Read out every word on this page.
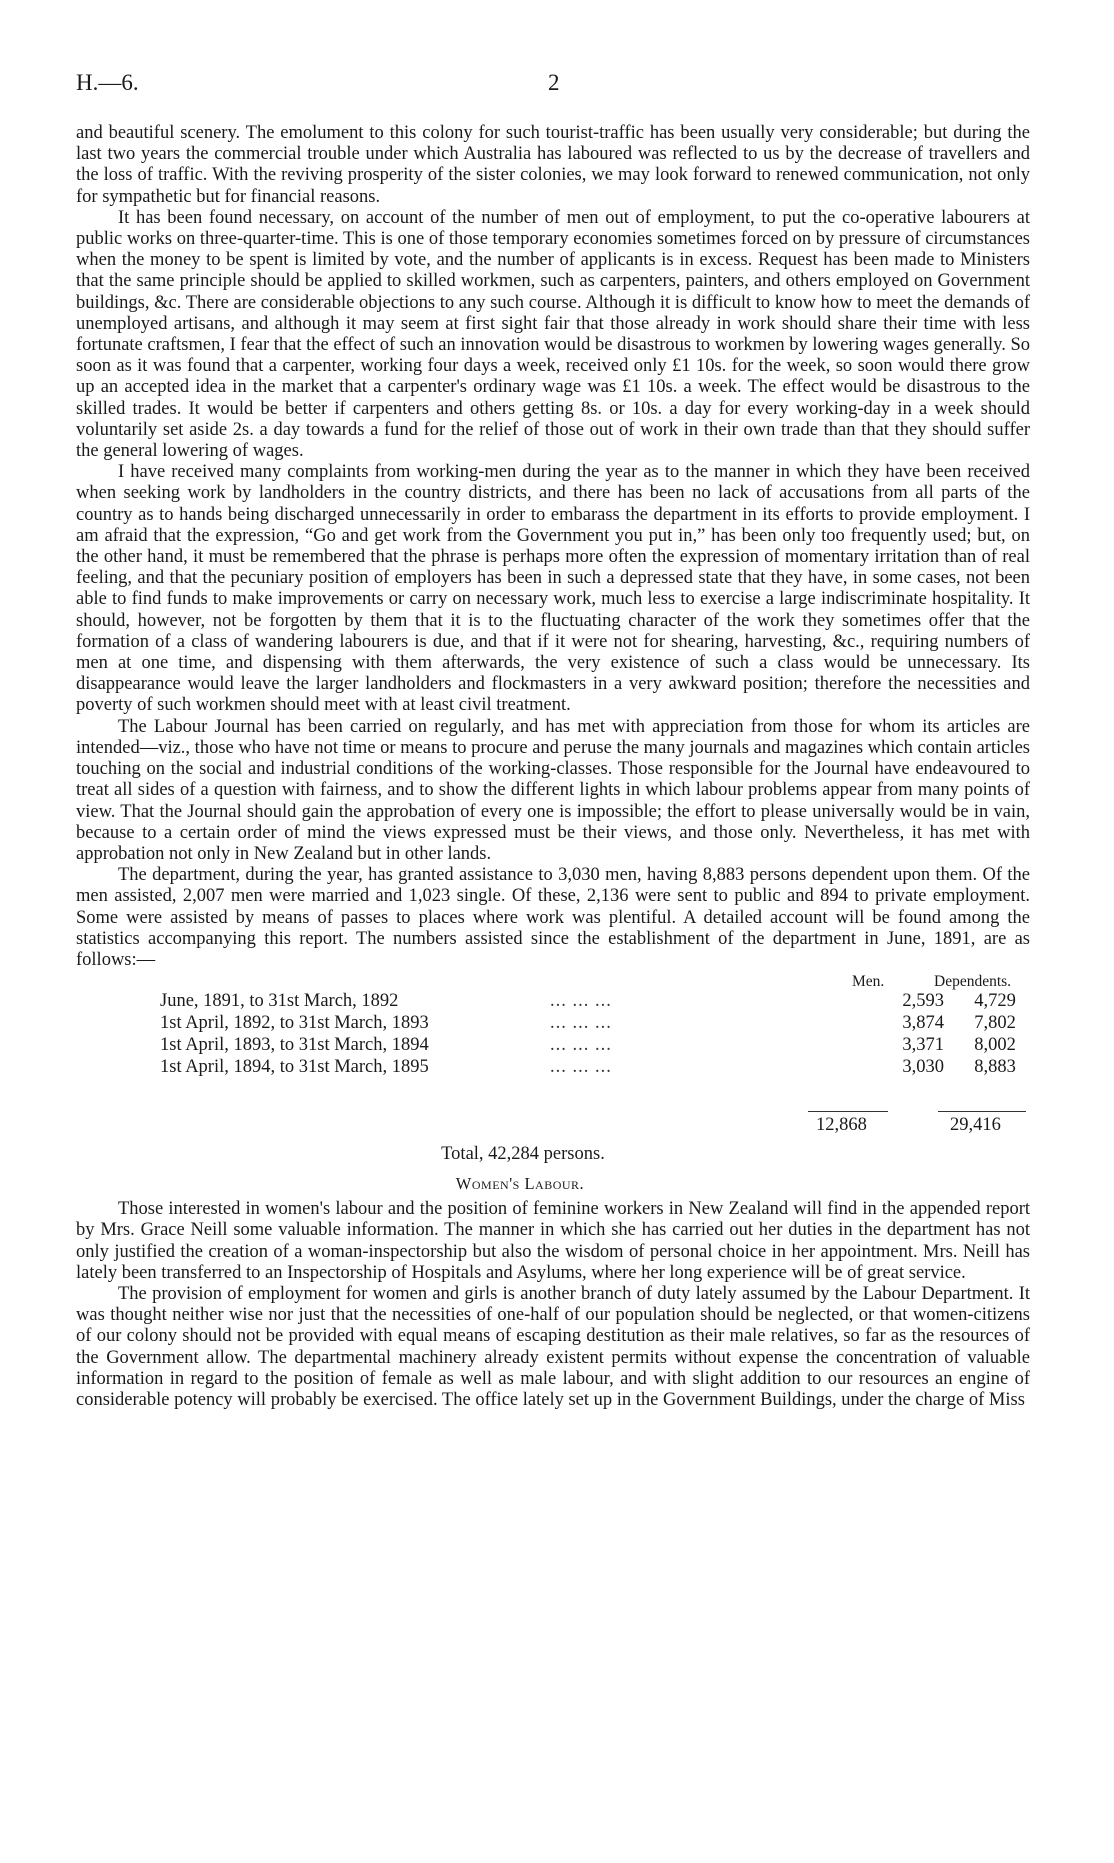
H.—6.	2

and beautiful scenery. The emolument to this colony for such tourist-traffic has been usually very considerable; but during the last two years the commercial trouble under which Australia has laboured was reflected to us by the decrease of travellers and the loss of traffic. With the reviving prosperity of the sister colonies, we may look forward to renewed communication, not only for sympathetic but for financial reasons.

It has been found necessary, on account of the number of men out of employment, to put the co-operative labourers at public works on three-quarter-time. This is one of those temporary economies sometimes forced on by pressure of circumstances when the money to be spent is limited by vote, and the number of applicants is in excess. Request has been made to Ministers that the same principle should be applied to skilled workmen, such as carpenters, painters, and others employed on Government buildings, &c. There are considerable objections to any such course. Although it is difficult to know how to meet the demands of unemployed artisans, and although it may seem at first sight fair that those already in work should share their time with less fortunate craftsmen, I fear that the effect of such an innovation would be disastrous to workmen by lowering wages generally. So soon as it was found that a carpenter, working four days a week, received only £1 10s. for the week, so soon would there grow up an accepted idea in the market that a carpenter's ordinary wage was £1 10s. a week. The effect would be disastrous to the skilled trades. It would be better if carpenters and others getting 8s. or 10s. a day for every working-day in a week should voluntarily set aside 2s. a day towards a fund for the relief of those out of work in their own trade than that they should suffer the general lowering of wages.

I have received many complaints from working-men during the year as to the manner in which they have been received when seeking work by landholders in the country districts, and there has been no lack of accusations from all parts of the country as to hands being discharged unnecessarily in order to embarass the department in its efforts to provide employment. I am afraid that the expression, “Go and get work from the Government you put in,” has been only too frequently used; but, on the other hand, it must be remembered that the phrase is perhaps more often the expression of momentary irritation than of real feeling, and that the pecuniary position of employers has been in such a depressed state that they have, in some cases, not been able to find funds to make improvements or carry on necessary work, much less to exercise a large indiscriminate hospitality. It should, however, not be forgotten by them that it is to the fluctuating character of the work they sometimes offer that the formation of a class of wandering labourers is due, and that if it were not for shearing, harvesting, &c., requiring numbers of men at one time, and dispensing with them afterwards, the very existence of such a class would be unnecessary. Its disappearance would leave the larger landholders and flockmasters in a very awkward position; therefore the necessities and poverty of such workmen should meet with at least civil treatment.

The Labour Journal has been carried on regularly, and has met with appreciation from those for whom its articles are intended—viz., those who have not time or means to procure and peruse the many journals and magazines which contain articles touching on the social and industrial conditions of the working-classes. Those responsible for the Journal have endeavoured to treat all sides of a question with fairness, and to show the different lights in which labour problems appear from many points of view. That the Journal should gain the approbation of every one is impossible; the effort to please universally would be in vain, because to a certain order of mind the views expressed must be their views, and those only. Nevertheless, it has met with approbation not only in New Zealand but in other lands.

The department, during the year, has granted assistance to 3,030 men, having 8,883 persons dependent upon them. Of the men assisted, 2,007 men were married and 1,023 single. Of these, 2,136 were sent to public and 894 to private employment. Some were assisted by means of passes to places where work was plentiful. A detailed account will be found among the statistics accompanying this report. The numbers assisted since the establishment of the department in June, 1891, are as follows:—

Men.	Dependents.
June, 1891, to 31st March, 1892	... ... ...	2,593	4,729
1st April, 1892, to 31st March, 1893	... ... ...	3,874	7,802
1st April, 1893, to 31st March, 1894	... ... ...	3,371	8,002
1st April, 1894, to 31st March, 1895	... ... ...	3,030	8,883
12,868	29,416
Total, 42,284 persons.
Women's Labour.

Those interested in women's labour and the position of feminine workers in New Zealand will find in the appended report by Mrs. Grace Neill some valuable information. The manner in which she has carried out her duties in the department has not only justified the creation of a woman-inspectorship but also the wisdom of personal choice in her appointment. Mrs. Neill has lately been transferred to an Inspectorship of Hospitals and Asylums, where her long experience will be of great service.

The provision of employment for women and girls is another branch of duty lately assumed by the Labour Department. It was thought neither wise nor just that the necessities of one-half of our population should be neglected, or that women-citizens of our colony should not be provided with equal means of escaping destitution as their male relatives, so far as the resources of the Government allow. The departmental machinery already existent permits without expense the concentration of valuable information in regard to the position of female as well as male labour, and with slight addition to our resources an engine of considerable potency will probably be exercised. The office lately set up in the Government Buildings, under the charge of Miss
